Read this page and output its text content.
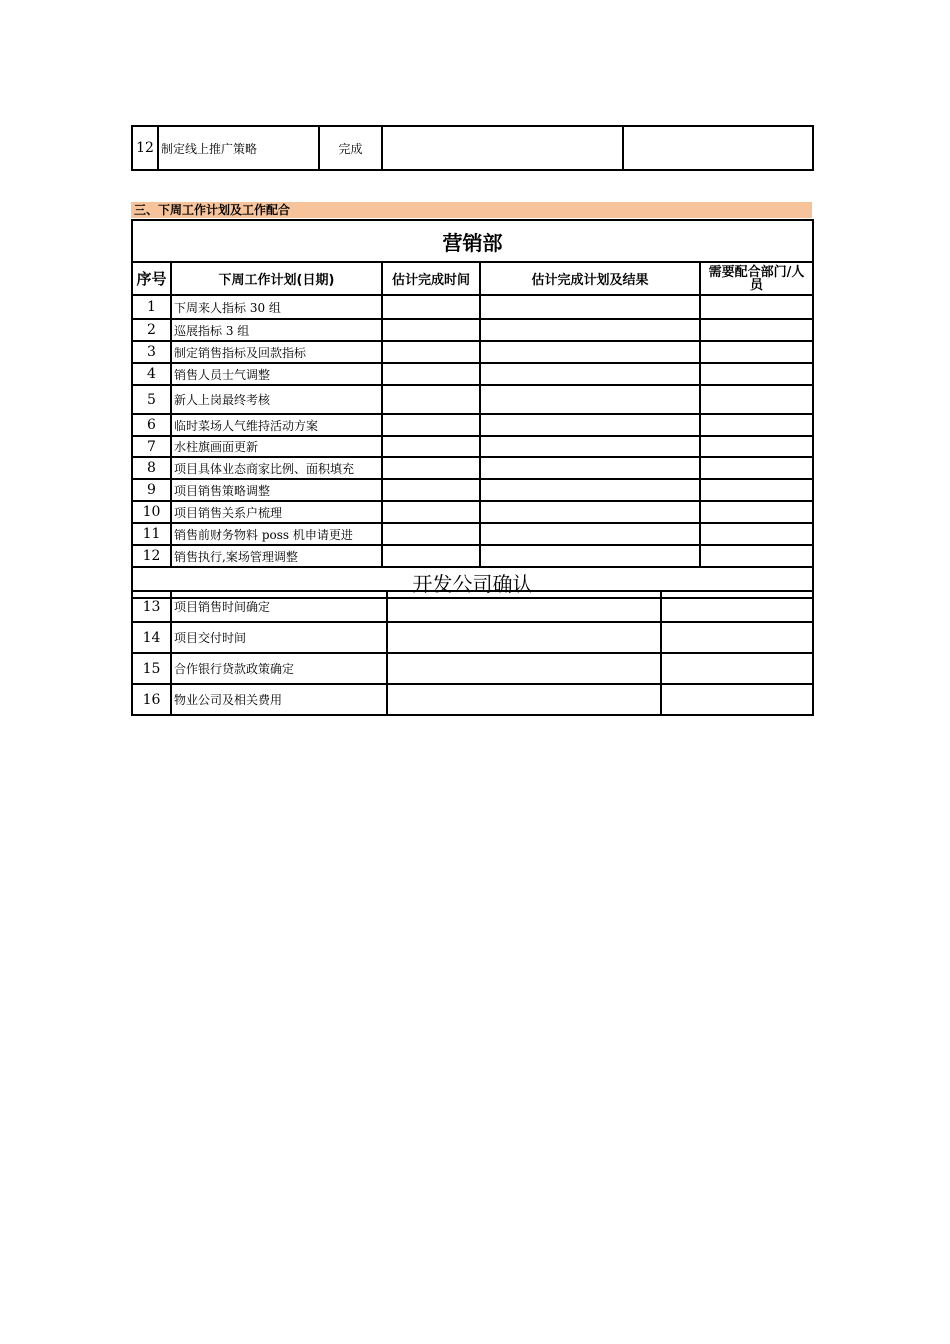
12	制定线上推广策略	完成		
三、下周工作计划及工作配合
营销部				
序号	下周工作计划(日期)	估计完成时间	估计完成计划及结果	需要配合部门/人员
1	下周来人指标 30 组			
2	巡展指标 3 组			
3	制定销售指标及回款指标			
4	销售人员士气调整			
5	新人上岗最终考核			
6	临时菜场人气维持活动方案			
7	水柱旗画面更新			
8	项目具体业态商家比例、面积填充			
9	项目销售策略调整			
10	项目销售关系户梳理			
11	销售前财务物料 poss 机申请更进			
12	销售执行,案场管理调整			
开发公司确认				
13	项目销售时间确定		
14	项目交付时间		
15	合作银行贷款政策确定		
16	物业公司及相关费用		
